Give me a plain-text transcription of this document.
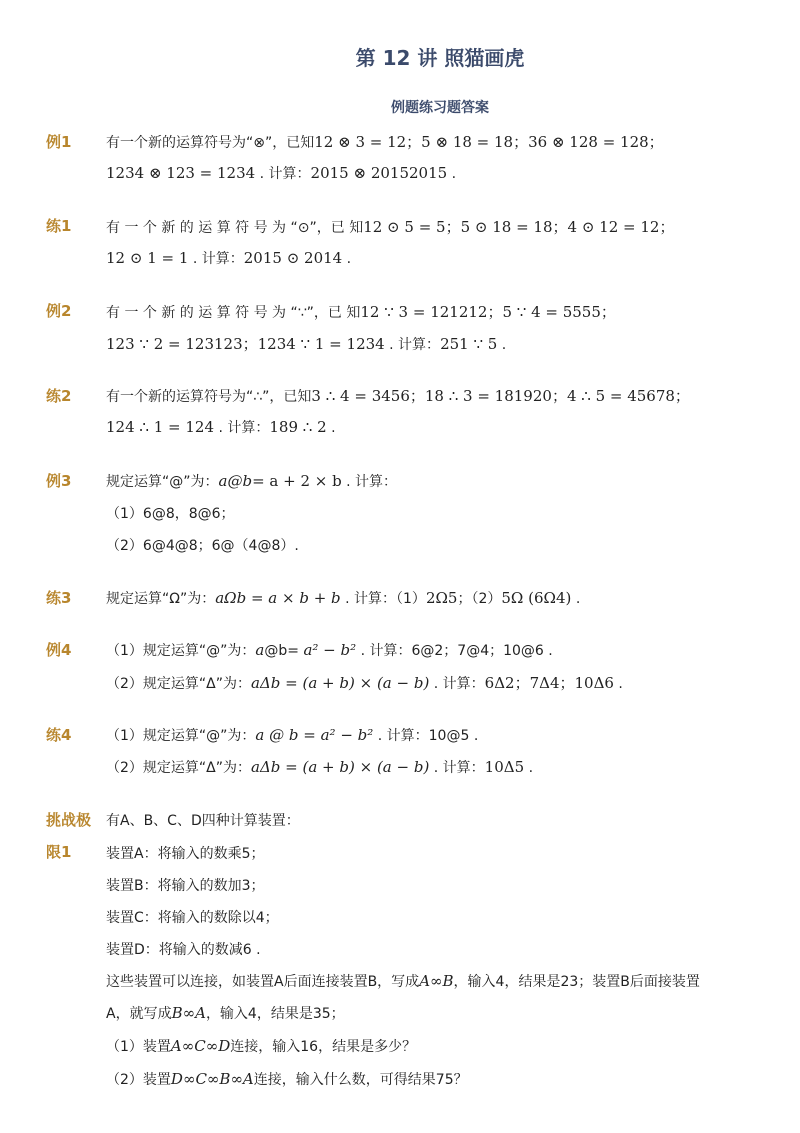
第 12 讲 照猫画虎
例题练习题答案
例1 有一个新的运算符号为“⊗”，已知12 ⊗ 3 = 12；5 ⊗ 18 = 18；36 ⊗ 128 = 128；
1234 ⊗ 123 = 1234 . 计算：2015 ⊗ 20152015 .
练1 有 一 个 新 的 运 算 符 号 为 “⊙”，已 知12 ⊙ 5 = 5；5 ⊙ 18 = 18；4 ⊙ 12 = 12；
12 ⊙ 1 = 1 . 计算：2015 ⊙ 2014 .
例2 有 一 个 新 的 运 算 符 号 为 “∵”，已 知12 ∵ 3 = 121212；5 ∵ 4 = 5555；
123 ∵ 2 = 123123；1234 ∵ 1 = 1234 . 计算：251 ∵ 5 .
练2 有一个新的运算符号为“∴”，已知3 ∴ 4 = 3456；18 ∴ 3 = 181920；4 ∴ 5 = 45678；
124 ∴ 1 = 124 . 计算：189 ∴ 2 .
例3 规定运算“@”为：a@b= a + 2 × b . 计算：
（1）6@8，8@6；
（2）6@4@8；6@（4@8）.
练3 规定运算“Ω”为：aΩb = a × b + b . 计算：（1）2Ω5；（2）5Ω (6Ω4) .
例4 （1）规定运算“@”为：a@b= a² − b² . 计算：6@2；7@4；10@6 .
（2）规定运算“Δ”为：aΔb = (a + b) × (a − b) . 计算：6Δ2；7Δ4；10Δ6 .
练4 （1）规定运算“@”为：a @ b = a² − b² . 计算：10@5 .
（2）规定运算“Δ”为：aΔb = (a + b) × (a − b) . 计算：10Δ5 .
挑战极
限1
有A、B、C、D四种计算装置：
装置A：将输入的数乘5；
装置B：将输入的数加3；
装置C：将输入的数除以4；
装置D：将输入的数减6 .
这些装置可以连接，如装置A后面连接装置B，写成A∞B，输入4，结果是23；装置B后面接装置
A，就写成B∞A，输入4，结果是35；
（1）装置A∞C∞D连接，输入16，结果是多少？
（2）装置D∞C∞B∞A连接，输入什么数，可得结果75？
